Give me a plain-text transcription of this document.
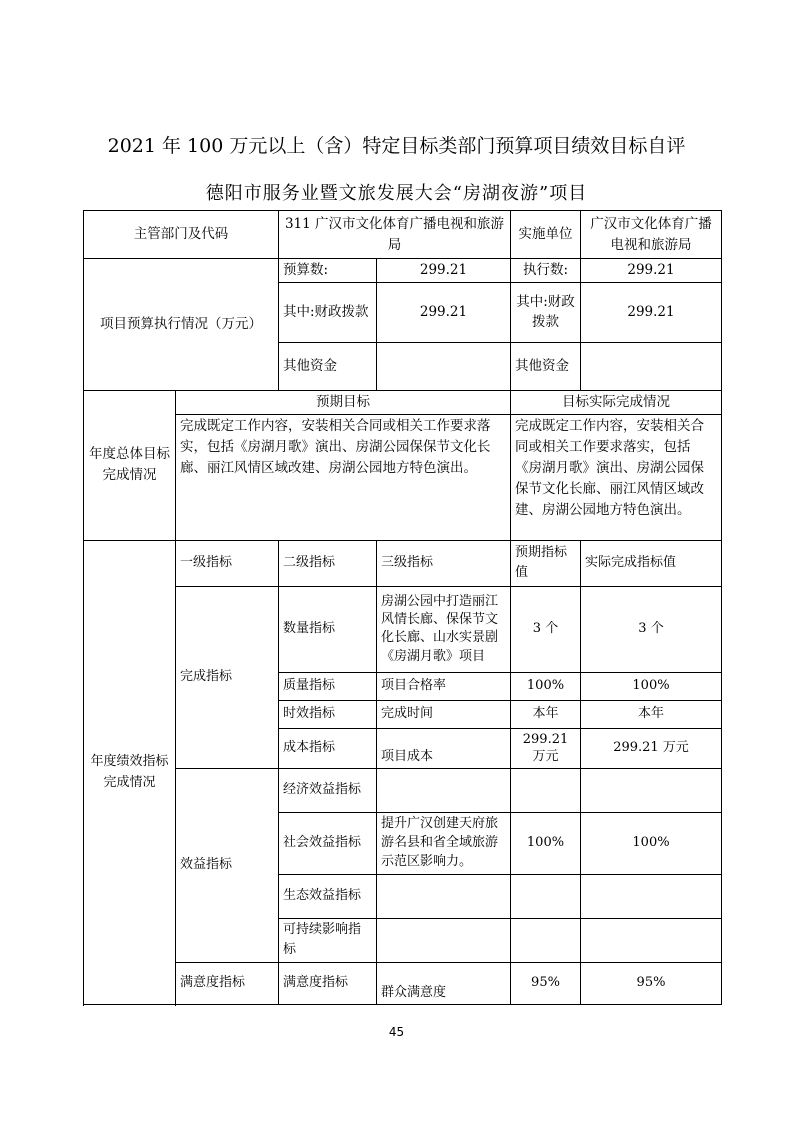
2021 年 100 万元以上（含）特定目标类部门预算项目绩效目标自评
德阳市服务业暨文旅发展大会“房湖夜游”项目
主管部门及代码		311 广汉市文化体育广播电视和旅游局		实施单位	广汉市文化体育广播电视和旅游局
项目预算执行情况（万元）		预算数:	299.21	执行数:	299.21
		其中:财政拨款	299.21	其中:财政拨款	299.21
		其他资金		其他资金	
年度总体目标完成情况	预期目标			目标实际完成情况	
	完成既定工作内容，安装相关合同或相关工作要求落实，包括《房湖月歌》演出、房湖公园保保节文化长廊、丽江风情区域改建、房湖公园地方特色演出。			完成既定工作内容，安装相关合同或相关工作要求落实，包括《房湖月歌》演出、房湖公园保保节文化长廊、丽江风情区域改建、房湖公园地方特色演出。	
年度绩效指标完成情况	一级指标	二级指标	三级指标	预期指标值	实际完成指标值
	完成指标	数量指标	房湖公园中打造丽江风情长廊、保保节文化长廊、山水实景剧《房湖月歌》项目	3 个	3 个
		质量指标	项目合格率	100%	100%
		时效指标	完成时间	本年	本年
		成本指标	项目成本	299.21 万元	299.21 万元
	效益指标	经济效益指标			
		社会效益指标	提升广汉创建天府旅游名县和省全域旅游示范区影响力。	100%	100%
		生态效益指标			
		可持续影响指标			
	满意度指标	满意度指标	群众满意度	95%	95%

45
